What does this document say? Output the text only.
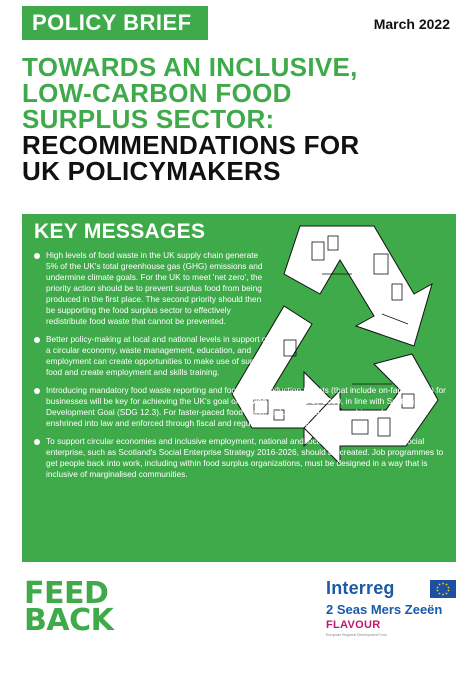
POLICY BRIEF	March 2022
TOWARDS AN INCLUSIVE,
LOW-CARBON FOOD
SURPLUS SECTOR:
RECOMMENDATIONS FOR
UK POLICYMAKERS
KEY MESSAGES
High levels of food waste in the UK supply chain generate 5% of the UK's total greenhouse gas (GHG) emissions and undermine climate goals. For the UK to meet 'net zero', the priority action should be to prevent surplus food from being produced in the first place. The second priority should then be supporting the food surplus sector to effectively redistribute food waste that cannot be prevented.
Better policy-making at local and national levels in support of a circular economy, waste management, education, and employment can create opportunities to make use of surplus food and create employment and skills training.
Introducing mandatory food waste reporting and food waste reduction targets (that include on-farm waste) for businesses will be key for achieving the UK's goal of halving food waste by 2030, in line with Sustainable Development Goal (SDG 12.3). For faster-paced food waste reduction, the food use hierarchy should be enshrined into law and enforced through fiscal and regulatory measures.
To support circular economies and inclusive employment, national and local strategies to support social enterprise, such as Scotland's Social Enterprise Strategy 2016-2026, should be created. Job programmes to get people back into work, including within food surplus organizations, must be designed in a way that is inclusive of marginalised communities.
FEED
BACK
Interreg
2 Seas Mers Zeeën
FLAVOUR
European Regional Development Fund
